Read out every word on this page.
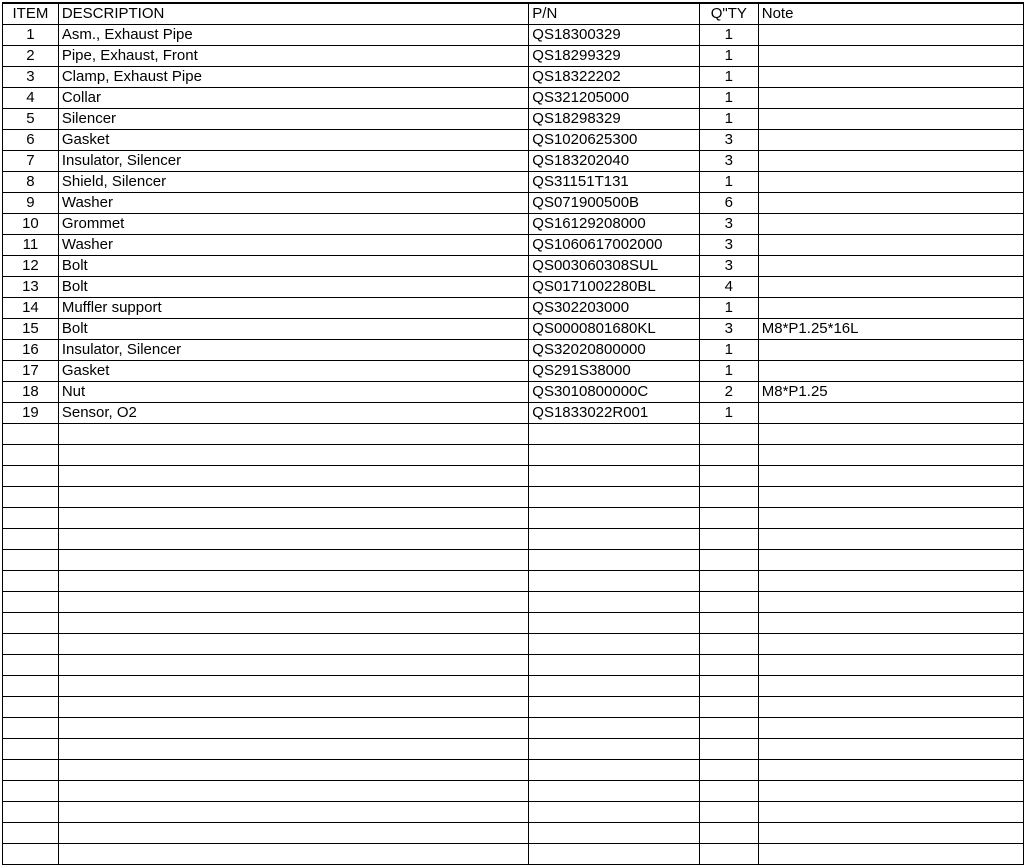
ITEM	DESCRIPTION	P/N	Q"TY	Note
1	Asm., Exhaust Pipe	QS18300329	1	
2	Pipe, Exhaust, Front	QS18299329	1	
3	Clamp, Exhaust Pipe	QS18322202	1	
4	Collar	QS321205000	1	
5	Silencer	QS18298329	1	
6	Gasket	QS1020625300	3	
7	Insulator, Silencer	QS183202040	3	
8	Shield, Silencer	QS31151T131	1	
9	Washer	QS071900500B	6	
10	Grommet	QS16129208000	3	
11	Washer	QS1060617002000	3	
12	Bolt	QS003060308SUL	3	
13	Bolt	QS0171002280BL	4	
14	Muffler support	QS302203000	1	
15	Bolt	QS0000801680KL	3	M8*P1.25*16L
16	Insulator, Silencer	QS32020800000	1	
17	Gasket	QS291S38000	1	
18	Nut	QS3010800000C	2	M8*P1.25
19	Sensor, O2	QS1833022R001	1	
